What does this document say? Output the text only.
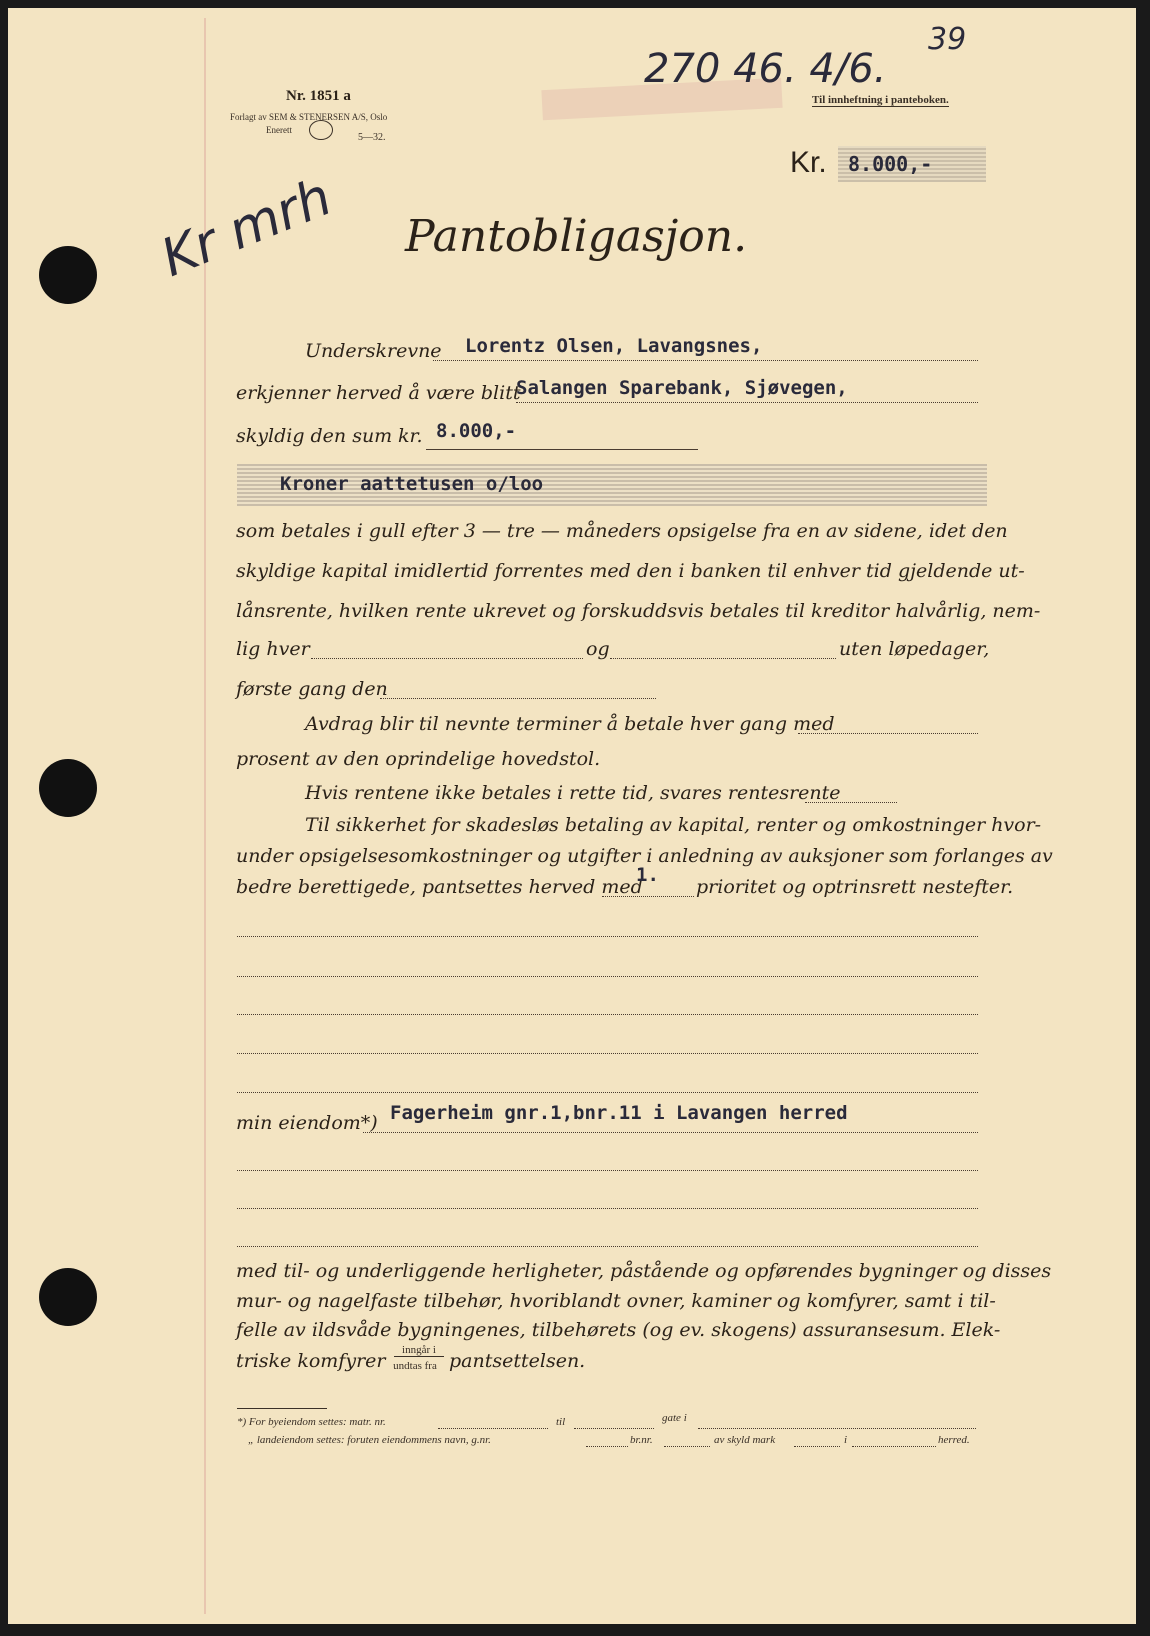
Nr. 1851 a
Forlagt av SEM & STENERSEN A/S, Oslo
Enerett
5—32.
270 46. 4/6.
39
Til innheftning i panteboken.
Kr.	8.000,-
Kr mrh Pantobligasjon.
Underskrevne Lorentz Olsen, Lavangsnes,
erkjenner herved å være blitt
Salangen Sparebank, Sjøvegen,
skyldig den sum kr. 8.000,-
Kroner aattetusen o/loo
som betales i gull efter 3 — tre — måneders opsigelse fra en av sidene, idet den
skyldige kapital imidlertid forrentes med den i banken til enhver tid gjeldende ut-
lånsrente, hvilken rente ukrevet og forskuddsvis betales til kreditor halvårlig, nem-
lig hver	og	uten løpedager,
første gang den
Avdrag blir til nevnte terminer å betale hver gang med
prosent av den oprindelige hovedstol.
Hvis rentene ikke betales i rette tid, svares rentesrente
Til sikkerhet for skadesløs betaling av kapital, renter og omkostninger hvor-
under opsigelsesomkostninger og utgifter i anledning av auksjoner som forlanges av
bedre berettigede, pantsettes herved med
1.
prioritet og optrinsrett nestefter.
min eiendom*) Fagerheim gnr.1,bnr.11 i Lavangen herred
med til- og underliggende herligheter, påstående og opførendes bygninger og disses
mur- og nagelfaste tilbehør, hvoriblandt ovner, kaminer og komfyrer, samt i til-
felle av ildsvåde bygningenes, tilbehørets (og ev. skogens) assuransesum. Elek-
triske komfyrer	inngår i
undtas fra pantsettelsen.
*) For byeiendom settes: matr. nr.	til	gate i
„ landeiendom settes: foruten eiendommens navn, g.nr.	br.nr.	av skyld mark	i	herred.
